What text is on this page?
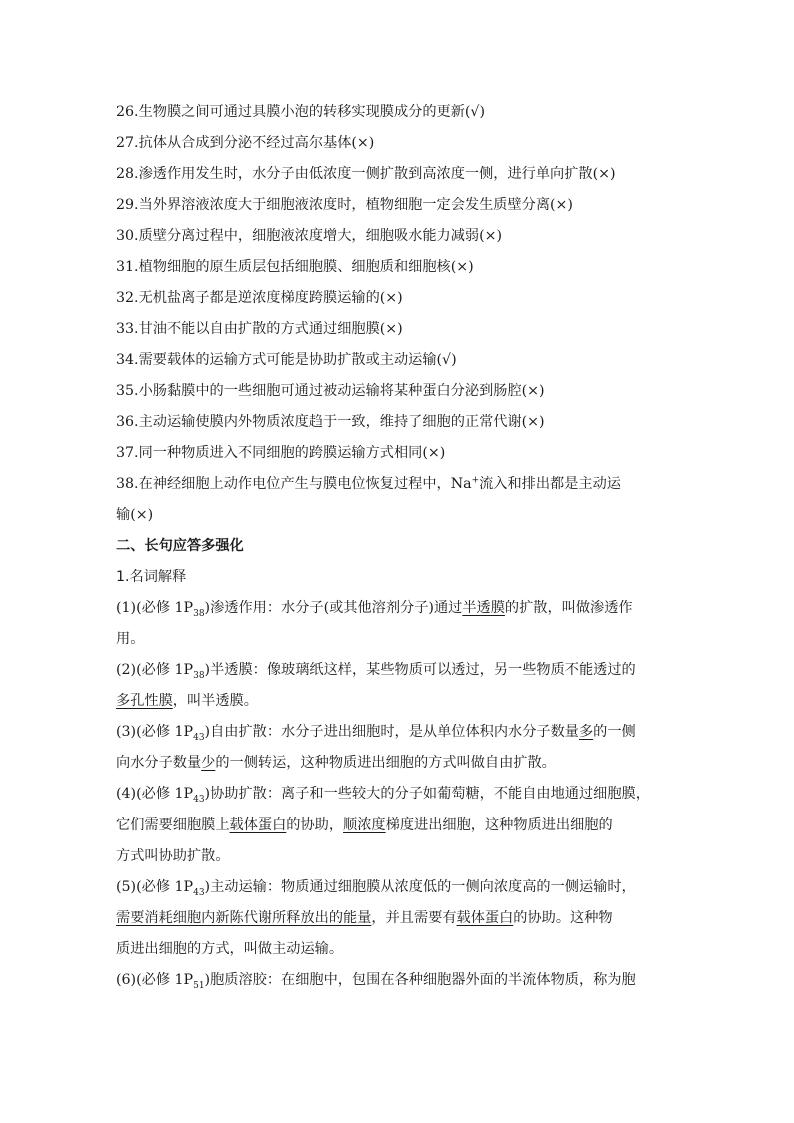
26.生物膜之间可通过具膜小泡的转移实现膜成分的更新(√)
27.抗体从合成到分泌不经过高尔基体(×)
28.渗透作用发生时，水分子由低浓度一侧扩散到高浓度一侧，进行单向扩散(×)
29.当外界溶液浓度大于细胞液浓度时，植物细胞一定会发生质壁分离(×)
30.质壁分离过程中，细胞液浓度增大，细胞吸水能力减弱(×)
31.植物细胞的原生质层包括细胞膜、细胞质和细胞核(×)
32.无机盐离子都是逆浓度梯度跨膜运输的(×)
33.甘油不能以自由扩散的方式通过细胞膜(×)
34.需要载体的运输方式可能是协助扩散或主动运输(√)
35.小肠黏膜中的一些细胞可通过被动运输将某种蛋白分泌到肠腔(×)
36.主动运输使膜内外物质浓度趋于一致，维持了细胞的正常代谢(×)
37.同一种物质进入不同细胞的跨膜运输方式相同(×)
38.在神经细胞上动作电位产生与膜电位恢复过程中，Na+流入和排出都是主动运
输(×)
二、长句应答多强化
1.名词解释
(1)(必修 $1P_{38}$)渗透作用：水分子(或其他溶剂分子)通过半透膜的扩散，叫做渗透作
用。
(2)(必修 $1P_{38}$)半透膜：像玻璃纸这样，某些物质可以透过，另一些物质不能透过的
多孔性膜，叫半透膜。
(3)(必修 $1P_{43}$)自由扩散：水分子进出细胞时，是从单位体积内水分子数量多的一侧
向水分子数量少的一侧转运，这种物质进出细胞的方式叫做自由扩散。
(4)(必修 $1P_{43}$)协助扩散：离子和一些较大的分子如葡萄糖，不能自由地通过细胞膜，
它们需要细胞膜上载体蛋白的协助，顺浓度梯度进出细胞，这种物质进出细胞的
方式叫协助扩散。
(5)(必修 $1P_{43}$)主动运输：物质通过细胞膜从浓度低的一侧向浓度高的一侧运输时，
需要消耗细胞内新陈代谢所释放出的能量，并且需要有载体蛋白的协助。这种物
质进出细胞的方式，叫做主动运输。
(6)(必修 $1P_{51}$)胞质溶胶：在细胞中，包围在各种细胞器外面的半流体物质，称为胞
